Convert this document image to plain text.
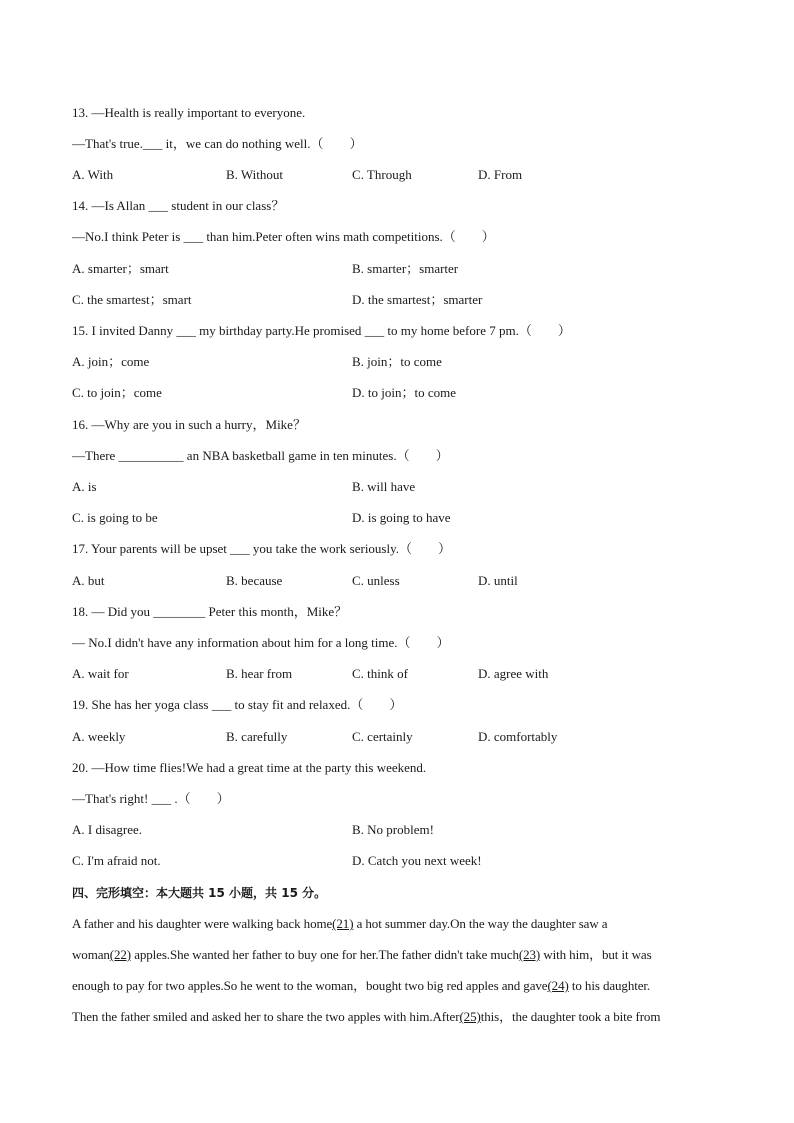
13. —Health is really important to everyone.
—That's true.___ it，we can do nothing well.（　　）
A. With	B. Without	C. Through	D. From
14. —Is Allan ___ student in our class？
—No.I think Peter is ___ than him.Peter often wins math competitions.（　　）
A. smarter；smart	B. smarter；smarter
C. the smartest；smart	D. the smartest；smarter
15. I invited Danny ___ my birthday party.He promised ___ to my home before 7 pm.（　　）
A. join；come	B. join；to come
C. to join；come	D. to join；to come
16. —Why are you in such a hurry，Mike？
—There __________ an NBA basketball game in ten minutes.（　　）
A. is	B. will have
C. is going to be	D. is going to have
17. Your parents will be upset ___ you take the work seriously.（　　）
A. but	B. because	C. unless	D. until
18. — Did you ________ Peter this month，Mike？
— No.I didn't have any information about him for a long time.（　　）
A. wait for	B. hear from	C. think of	D. agree with
19. She has her yoga class ___ to stay fit and relaxed.（　　）
A. weekly	B. carefully	C. certainly	D. comfortably
20. —How time flies!We had a great time at the party this weekend.
—That's right! ___ .（　　）
A. I disagree.	B. No problem!
C. I'm afraid not.	D. Catch you next week!
四、完形填空：本大题共 15 小题，共 15 分。
A father and his daughter were walking back home(21) a hot summer day.On the way the daughter saw a
woman(22) apples.She wanted her father to buy one for her.The father didn't take much(23) with him，but it was
enough to pay for two apples.So he went to the woman，bought two big red apples and gave(24) to his daughter.
Then the father smiled and asked her to share the two apples with him.After(25)this，the daughter took a bite from
